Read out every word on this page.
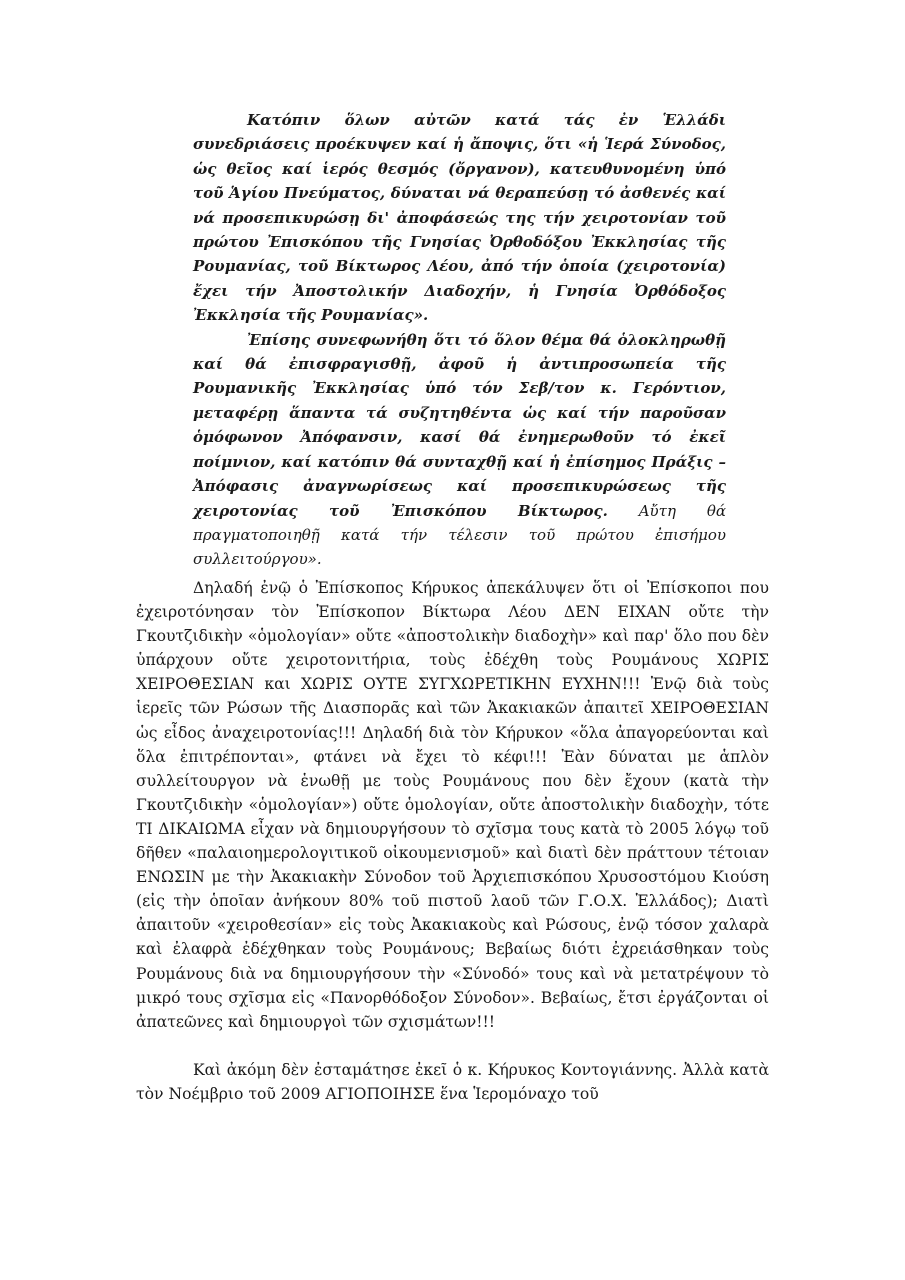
Κατόπιν ὅλων αὐτῶν κατά τάς ἐν Ἑλλάδι συνεδριάσεις προέκυψεν καί ἡ ἄποψις, ὅτι «ἡ Ἱερά Σύνοδος, ὡς θεῖος καί ἱερός θεσμός (ὄργανον), κατευθυνομένη ὑπό τοῦ Ἁγίου Πνεύματος, δύναται νά θεραπεύσῃ τό ἀσθενές καί νά προσεπικυρώσῃ δι' ἀποφάσεώς της τήν χειροτονίαν τοῦ πρώτου Ἐπισκόπου τῆς Γνησίας Ὀρθοδόξου Ἐκκλησίας τῆς Ρουμανίας, τοῦ Βίκτωρος Λέου, ἀπό τήν ὁποία (χειροτονία) ἔχει τήν Ἀποστολικήν Διαδοχήν, ἡ Γνησία Ὀρθόδοξος Ἐκκλησία τῆς Ρουμανίας».

Ἐπίσης συνεφωνήθη ὅτι τό ὅλον θέμα θά ὁλοκληρωθῇ καί θά ἐπισφραγισθῇ, ἀφοῦ ἡ ἀντιπροσωπεία τῆς Ρουμανικῆς Ἐκκλησίας ὑπό τόν Σεβ/τον κ. Γερόντιον, μεταφέρῃ ἅπαντα τά συζητηθέντα ὡς καί τήν παροῦσαν ὁμόφωνον Ἀπόφανσιν, κασί θά ἐνημερωθοῦν τό ἐκεῖ ποίμνιον, καί κατόπιν θά συνταχθῇ καί ἡ ἐπίσημος Πράξις – Ἀπόφασις ἀναγνωρίσεως καί προσεπικυρώσεως τῆς χειροτονίας τοῦ Ἐπισκόπου Βίκτωρος. Αὔτη θά πραγματοποιηθῇ κατά τήν τέλεσιν τοῦ πρώτου ἐπισήμου συλλειτούργου».

Δηλαδή ἐνῷ ὁ Ἐπίσκοπος Κήρυκος ἀπεκάλυψεν ὅτι οἱ Ἐπίσκοποι που ἐχειροτόνησαν τὸν Ἐπίσκοπον Βίκτωρα Λέου ΔΕΝ ΕΙΧΑΝ οὔτε τὴν Γκουτζιδικὴν «ὁμολογίαν» οὔτε «ἀποστολικὴν διαδοχὴν» καὶ παρ' ὅλο που δὲν ὑπάρχουν οὔτε χειροτονιτήρια, τοὺς ἐδέχθη τοὺς Ρουμάνους ΧΩΡΙΣ ΧΕΙΡΟΘΕΣΙΑΝ και ΧΩΡΙΣ ΟΥΤΕ ΣΥΓΧΩΡΕΤΙΚΗΝ ΕΥΧΗΝ!!! Ἐνῷ διὰ τοὺς ἱερεῖς τῶν Ρώσων τῆς Διασπορᾶς καὶ τῶν Ἀκακιακῶν ἀπαιτεῖ ΧΕΙΡΟΘΕΣΙΑΝ ὡς εἶδος ἀναχειροτονίας!!! Δηλαδή διὰ τὸν Κήρυκον «ὅλα ἀπαγορεύονται καὶ ὅλα ἐπιτρέπονται», φτάνει νὰ ἔχει τὸ κέφι!!! Ἐὰν δύναται με ἁπλὸν συλλείτουργον νὰ ἑνωθῇ με τοὺς Ρουμάνους που δὲν ἔχουν (κατὰ τὴν Γκουτζιδικὴν «ὁμολογίαν») οὔτε ὁμολογίαν, οὔτε ἀποστολικὴν διαδοχὴν, τότε ΤΙ ΔΙΚΑΙΩΜΑ εἶχαν νὰ δημιουργήσουν τὸ σχῖσμα τους κατὰ τὸ 2005 λόγῳ τοῦ δῆθεν «παλαιοημερολογιτικοῦ οἰκουμενισμοῦ» καὶ διατὶ δὲν πράττουν τέτοιαν ΕΝΩΣΙΝ με τὴν Ἀκακιακὴν Σύνοδον τοῦ Ἀρχιεπισκόπου Χρυσοστόμου Κιούση (εἰς τὴν ὁποῖαν ἀνήκουν 80% τοῦ πιστοῦ λαοῦ τῶν Γ.Ο.Χ. Ἑλλάδος); Διατὶ ἀπαιτοῦν «χειροθεσίαν» εἰς τοὺς Ἀκακιακοὺς καὶ Ρώσους, ἐνῷ τόσον χαλαρὰ καὶ ἐλαφρὰ ἐδέχθηκαν τοὺς Ρουμάνους; Βεβαίως διότι ἐχρειάσθηκαν τοὺς Ρουμάνους διὰ να δημιουργήσουν τὴν «Σύνοδό» τους καὶ νὰ μετατρέψουν τὸ μικρό τους σχῖσμα εἰς «Πανορθόδοξον Σύνοδον». Βεβαίως, ἔτσι ἐργάζονται οἱ ἀπατεῶνες καὶ δημιουργοὶ τῶν σχισμάτων!!!

Καὶ ἀκόμη δὲν ἐσταμάτησε ἐκεῖ ὁ κ. Κήρυκος Κοντογιάννης. Ἀλλὰ κατὰ τὸν Νοέμβριο τοῦ 2009 ΑΓΙΟΠΟΙΗΣΕ ἕνα Ἱερομόναχο τοῦ
